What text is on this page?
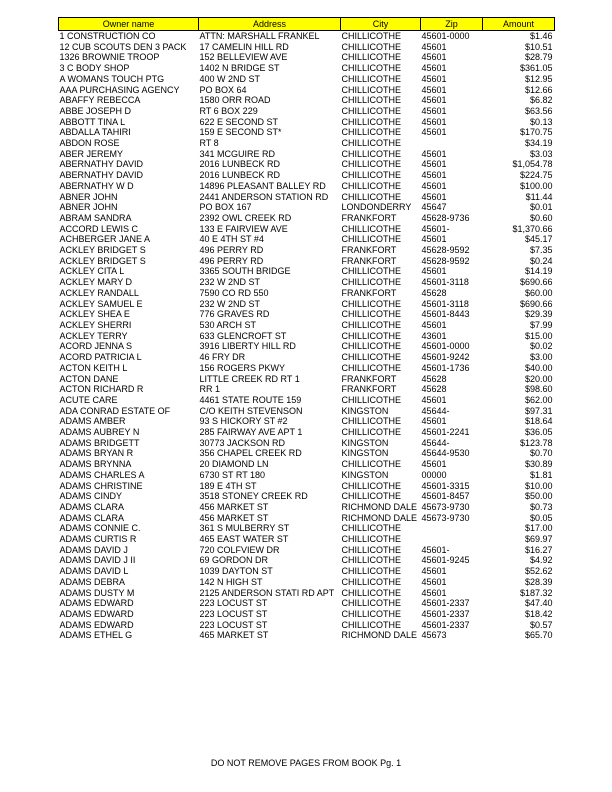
Owner name	Address	City	Zip	Amount
1 CONSTRUCTION CO	ATTN: MARSHALL FRANKEL	CHILLICOTHE	45601-0000	$1.46
12 CUB SCOUTS DEN 3 PACK	17 CAMELIN HILL RD	CHILLICOTHE	45601	$10.51
1326 BROWNIE TROOP	152 BELLEVIEW AVE	CHILLICOTHE	45601	$28.79
3 C BODY SHOP	1402 N BRIDGE ST	CHILLICOTHE	45601	$361.05
A WOMANS TOUCH PTG	400 W 2ND ST	CHILLICOTHE	45601	$12.95
AAA PURCHASING AGENCY	PO BOX 64	CHILLICOTHE	45601	$12.66
ABAFFY REBECCA	1580 ORR ROAD	CHILLICOTHE	45601	$6.82
ABBE JOSEPH D	RT 6 BOX 229	CHILLICOTHE	45601	$63.56
ABBOTT TINA L	622 E SECOND ST	CHILLICOTHE	45601	$0.13
ABDALLA TAHIRI	159 E SECOND ST*	CHILLICOTHE	45601	$170.75
ABDON ROSE	RT 8	CHILLICOTHE		$34.19
ABER JEREMY	341 MCGUIRE RD	CHILLICOTHE	45601	$3.03
ABERNATHY DAVID	2016 LUNBECK RD	CHILLICOTHE	45601	$1,054.78
ABERNATHY DAVID	2016 LUNBECK RD	CHILLICOTHE	45601	$224.75
ABERNATHY W D	14896 PLEASANT BALLEY RD	CHILLICOTHE	45601	$100.00
ABNER JOHN	2441 ANDERSON STATION RD	CHILLICOTHE	45601	$11.44
ABNER JOHN	PO BOX 167	LONDONDERRY	45647	$0.01
ABRAM SANDRA	2392 OWL CREEK RD	FRANKFORT	45628-9736	$0.60
ACCORD LEWIS C	133 E FAIRVIEW AVE	CHILLICOTHE	45601-	$1,370.66
ACHBERGER JANE A	40 E 4TH ST #4	CHILLICOTHE	45601	$45.17
ACKLEY BRIDGET S	496 PERRY RD	FRANKFORT	45628-9592	$7.35
ACKLEY BRIDGET S	496 PERRY RD	FRANKFORT	45628-9592	$0.24
ACKLEY CITA L	3365 SOUTH BRIDGE	CHILLICOTHE	45601	$14.19
ACKLEY MARY D	232 W 2ND ST	CHILLICOTHE	45601-3118	$690.66
ACKLEY RANDALL	7590 CO RD 550	FRANKFORT	45628	$60.00
ACKLEY SAMUEL E	232 W 2ND ST	CHILLICOTHE	45601-3118	$690.66
ACKLEY SHEA E	776 GRAVES RD	CHILLICOTHE	45601-8443	$29.39
ACKLEY SHERRI	530 ARCH ST	CHILLICOTHE	45601	$7.99
ACKLEY TERRY	633 GLENCROFT ST	CHILLICOTHE	43601	$15.00
ACORD JENNA S	3916 LIBERTY HILL RD	CHILLICOTHE	45601-0000	$0.02
ACORD PATRICIA L	46 FRY DR	CHILLICOTHE	45601-9242	$3.00
ACTON KEITH L	156 ROGERS PKWY	CHILLICOTHE	45601-1736	$40.00
ACTON DANE	LITTLE CREEK RD RT 1	FRANKFORT	45628	$20.00
ACTON RICHARD R	RR 1	FRANKFORT	45628	$98.60
ACUTE CARE	4461 STATE ROUTE 159	CHILLICOTHE	45601	$62.00
ADA CONRAD ESTATE OF	C/O KEITH STEVENSON	KINGSTON	45644-	$97.31
ADAMS AMBER	93 S HICKORY ST #2	CHILLICOTHE	45601	$18.64
ADAMS AUBREY N	285 FAIRWAY AVE APT 1	CHILLICOTHE	45601-2241	$36.05
ADAMS BRIDGETT	30773 JACKSON RD	KINGSTON	45644-	$123.78
ADAMS BRYAN R	356 CHAPEL CREEK RD	KINGSTON	45644-9530	$0.70
ADAMS BRYNNA	20 DIAMOND LN	CHILLICOTHE	45601	$30.89
ADAMS CHARLES A	6730 ST RT 180	KINGSTON	00000	$1.81
ADAMS CHRISTINE	189 E 4TH ST	CHILLICOTHE	45601-3315	$10.00
ADAMS CINDY	3518 STONEY CREEK RD	CHILLICOTHE	45601-8457	$50.00
ADAMS CLARA	456 MARKET ST	RICHMOND DALE	45673-9730	$0.73
ADAMS CLARA	456 MARKET ST	RICHMOND DALE	45673-9730	$0.05
ADAMS CONNIE C.	361 S MULBERRY ST	CHILLICOTHE		$17.00
ADAMS CURTIS R	465 EAST WATER ST	CHILLICOTHE		$69.97
ADAMS DAVID J	720 COLFVIEW DR	CHILLICOTHE	45601-	$16.27
ADAMS DAVID J II	69 GORDON DR	CHILLICOTHE	45601-9245	$4.92
ADAMS DAVID L	1039 DAYTON ST	CHILLICOTHE	45601	$52.62
ADAMS DEBRA	142 N HIGH ST	CHILLICOTHE	45601	$28.39
ADAMS DUSTY M	2125 ANDERSON STATI RD APT	CHILLICOTHE	45601	$187.32
ADAMS EDWARD	223 LOCUST ST	CHILLICOTHE	45601-2337	$47.40
ADAMS EDWARD	223 LOCUST ST	CHILLICOTHE	45601-2337	$18.42
ADAMS EDWARD	223 LOCUST ST	CHILLICOTHE	45601-2337	$0.57
ADAMS ETHEL G	465 MARKET ST	RICHMOND DALE	45673	$65.70
DO NOT REMOVE PAGES FROM BOOK Pg. 1
